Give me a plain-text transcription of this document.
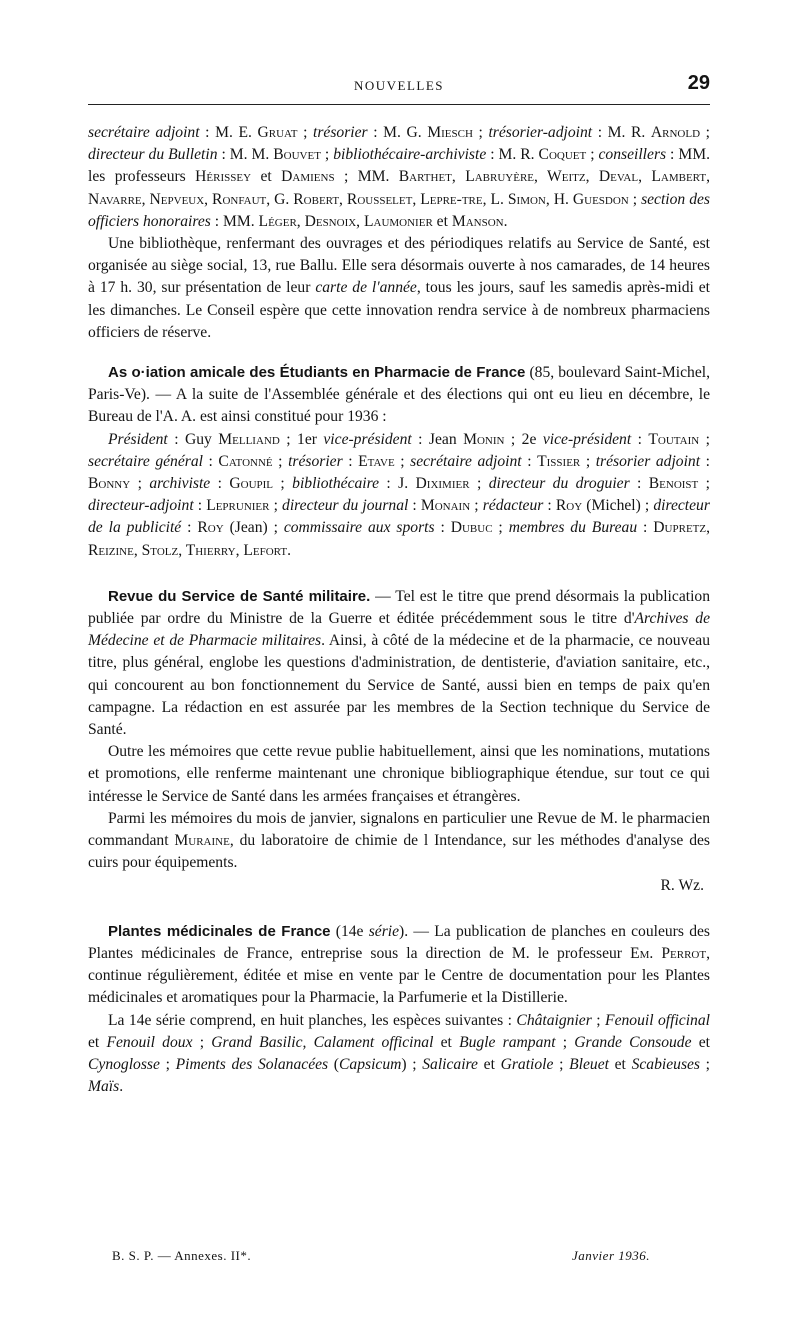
NOUVELLES	29

secrétaire adjoint : M. E. Gruat ; trésorier : M. G. Miesch ; trésorier-adjoint : M. R. Arnold ; directeur du Bulletin : M. M. Bouvet ; bibliothécaire-archiviste : M. R. Coquet ; conseillers : MM. les professeurs Hérissey et Damiens ; MM. Barthet, Labruyère, Weitz, Deval, Lambert, Navarre, Nepveux, Ronfaut, G. Robert, Rousselet, Lepre-tre, L. Simon, H. Guesdon ; section des officiers honoraires : MM. Léger, Desnoix, Laumonier et Manson.

Une bibliothèque, renfermant des ouvrages et des périodiques relatifs au Service de Santé, est organisée au siège social, 13, rue Ballu. Elle sera désormais ouverte à nos camarades, de 14 heures à 17 h. 30, sur présentation de leur carte de l'année, tous les jours, sauf les samedis après-midi et les dimanches. Le Conseil espère que cette innovation rendra service à de nombreux pharmaciens officiers de réserve.

As o·iation amicale des Étudiants en Pharmacie de France (85, boulevard Saint-Michel, Paris-Ve). — A la suite de l'Assemblée générale et des élections qui ont eu lieu en décembre, le Bureau de l'A. A. est ainsi constitué pour 1936 :

Président : Guy Melliand ; 1er vice-président : Jean Monin ; 2e vice-président : Toutain ; secrétaire général : Catonné ; trésorier : Etave ; secrétaire adjoint : Tissier ; trésorier adjoint : Bonny ; archiviste : Goupil ; bibliothécaire : J. Diximier ; directeur du droguier : Benoist ; directeur-adjoint : Leprunier ; directeur du journal : Monain ; rédacteur : Roy (Michel) ; directeur de la publicité : Roy (Jean) ; commissaire aux sports : Dubuc ; membres du Bureau : Dupretz, Reizine, Stolz, Thierry, Lefort.

Revue du Service de Santé militaire. — Tel est le titre que prend désormais la publication publiée par ordre du Ministre de la Guerre et éditée précédemment sous le titre d'Archives de Médecine et de Pharmacie militaires. Ainsi, à côté de la médecine et de la pharmacie, ce nouveau titre, plus général, englobe les questions d'administration, de dentisterie, d'aviation sanitaire, etc., qui concourent au bon fonctionnement du Service de Santé, aussi bien en temps de paix qu'en campagne. La rédaction en est assurée par les membres de la Section technique du Service de Santé.

Outre les mémoires que cette revue publie habituellement, ainsi que les nominations, mutations et promotions, elle renferme maintenant une chronique bibliographique étendue, sur tout ce qui intéresse le Service de Santé dans les armées françaises et étrangères.

Parmi les mémoires du mois de janvier, signalons en particulier une Revue de M. le pharmacien commandant Muraine, du laboratoire de chimie de l Intendance, sur les méthodes d'analyse des cuirs pour équipements.

R. Wz.

Plantes médicinales de France (14e série). — La publication de planches en couleurs des Plantes médicinales de France, entreprise sous la direction de M. le professeur Em. Perrot, continue régulièrement, éditée et mise en vente par le Centre de documentation pour les Plantes médicinales et aromatiques pour la Pharmacie, la Parfumerie et la Distillerie.

La 14e série comprend, en huit planches, les espèces suivantes : Châtaignier ; Fenouil officinal et Fenouil doux ; Grand Basilic, Calament officinal et Bugle rampant ; Grande Consoude et Cynoglosse ; Piments des Solanacées (Capsicum) ; Salicaire et Gratiole ; Bleuet et Scabieuses ; Maïs.

B. S. P. — Annexes. II*.	Janvier 1936.
